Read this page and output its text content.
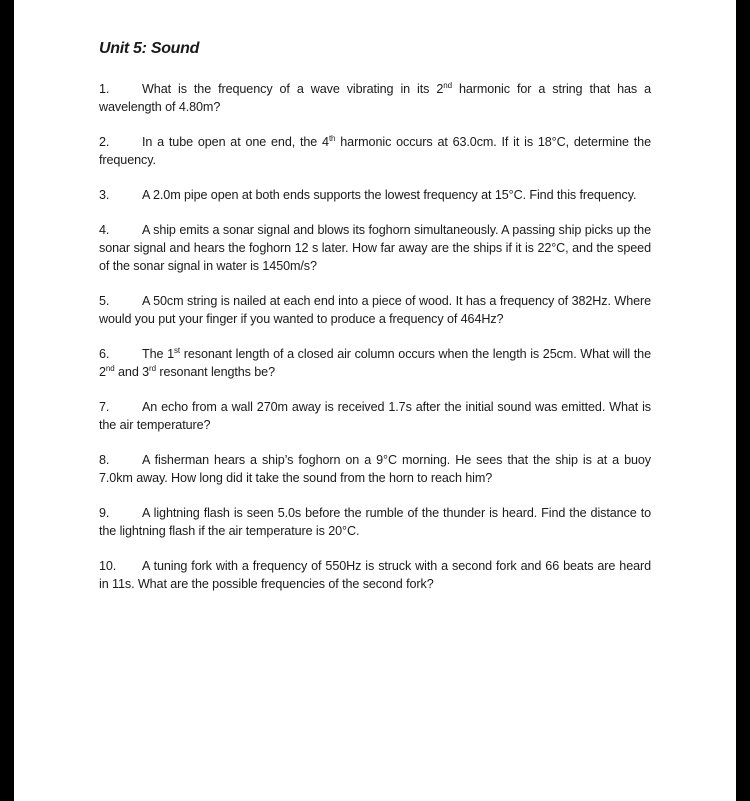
Unit 5: Sound
1.	What is the frequency of a wave vibrating in its 2nd harmonic for a string that has a wavelength of 4.80m?
2.	In a tube open at one end, the 4th harmonic occurs at 63.0cm. If it is 18°C, determine the frequency.
3.	A 2.0m pipe open at both ends supports the lowest frequency at 15°C. Find this frequency.
4.	A ship emits a sonar signal and blows its foghorn simultaneously. A passing ship picks up the sonar signal and hears the foghorn 12 s later. How far away are the ships if it is 22°C, and the speed of the sonar signal in water is 1450m/s?
5.	A 50cm string is nailed at each end into a piece of wood. It has a frequency of 382Hz. Where would you put your finger if you wanted to produce a frequency of 464Hz?
6.	The 1st resonant length of a closed air column occurs when the length is 25cm. What will the 2nd and 3rd resonant lengths be?
7.	An echo from a wall 270m away is received 1.7s after the initial sound was emitted. What is the air temperature?
8.	A fisherman hears a ship’s foghorn on a 9°C morning. He sees that the ship is at a buoy 7.0km away. How long did it take the sound from the horn to reach him?
9.	A lightning flash is seen 5.0s before the rumble of the thunder is heard. Find the distance to the lightning flash if the air temperature is 20°C.
10. A tuning fork with a frequency of 550Hz is struck with a second fork and 66 beats are heard in 11s. What are the possible frequencies of the second fork?
